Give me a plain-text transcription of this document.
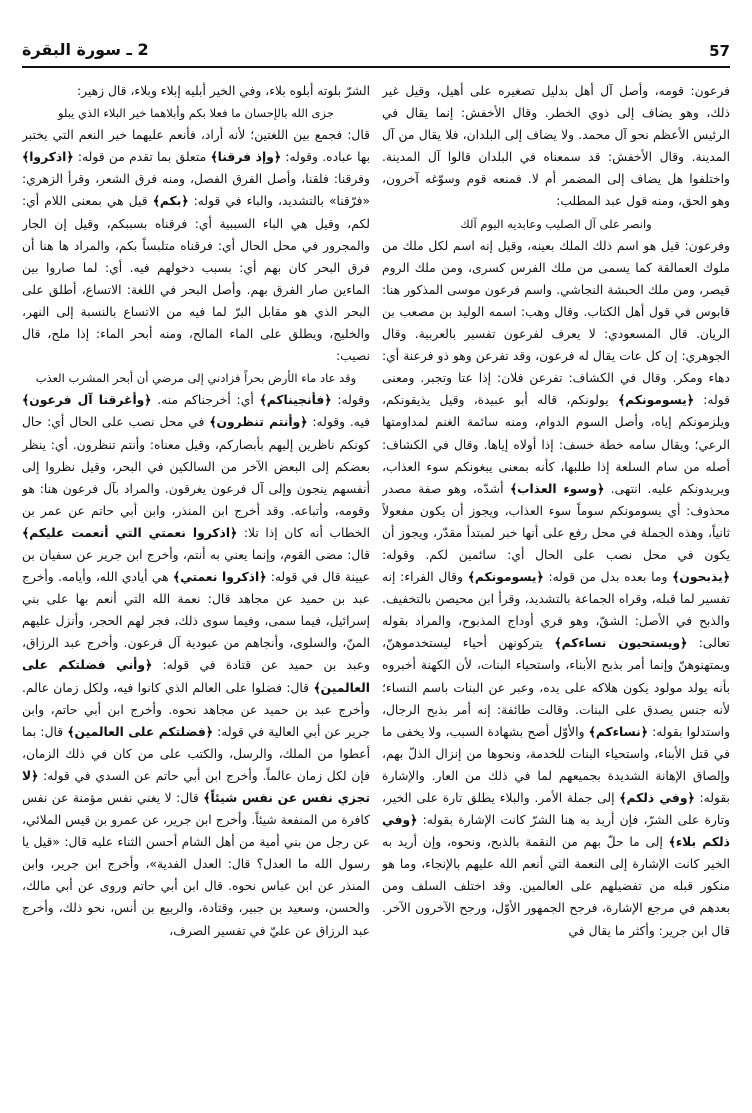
57
2 ـ سورة البقرة

فرعون: قومه، وأصل آل أهل بدليل تصغيره على أهيل، وقيل غير ذلك، وهو يضاف إلى ذوي الخطر. وقال الأخفش: إنما يقال في الرئيس الأعظم نحو آل محمد. ولا يضاف إلى البلدان، فلا يقال من آل المدينة. وقال الأخفش: قد سمعناه في البلدان قالوا آل المدينة. واختلفوا هل يضاف إلى المضمر أم لا. فمنعه قوم وسوّغه آخرون، وهو الحق، ومنه قول عبد المطلب:

وانصر على آل الصليب وعابديه اليوم آلك

وفرعون: قيل هو اسم ذلك الملك بعينه، وقيل إنه اسم لكل ملك من ملوك العمالقة كما يسمى من ملك الفرس كسرى، ومن ملك الروم قيصر، ومن ملك الحبشة النجاشي. واسم فرعون موسى المذكور هنا: قابوس في قول أهل الكتاب. وقال وهب: اسمه الوليد بن مصعب بن الريان. قال المسعودي: لا يعرف لفرعون تفسير بالعربية. وقال الجوهري: إن كل عات يقال له فرعون، وقد تفرعن وهو ذو فرعنة أي: دهاء ومكر. وقال في الكشاف: تفرعن فلان: إذا عتا وتجبر. ومعنى قوله: ﴿يسومونكم﴾ يولونكم، قاله أبو عبيدة، وقيل يذيقونكم، ويلزمونكم إياه، وأصل السوم الدوام، ومنه سائمة الغنم لمداومتها الرعي؛ ويقال سامه خطة خسف: إذا أولاه إياها. وقال في الكشاف: أصله من سام السلعة إذا طلبها، كأنه بمعنى يبغونكم سوء العذاب، ويريدونكم عليه. انتهى. ﴿وسوء العذاب﴾ أشدّه، وهو صفة مصدر محذوف: أي يسومونكم سوماً سوء العذاب، ويجوز أن يكون مفعولاً ثانياً، وهذه الجملة في محل رفع على أنها خبر لمبتدأ مقدّر، ويجوز أن يكون في محل نصب على الحال أي: سائمين لكم. وقوله: ﴿يذبحون﴾ وما بعده بدل من قوله: ﴿يسومونكم﴾ وقال الفراء: إنه تفسير لما قبله، وقراه الجماعة بالتشديد، وقرأ ابن محيصن بالتخفيف. والذبح في الأصل: الشقّ، وهو فري أوداج المذبوح، والمراد بقوله تعالى: ﴿ويستحيون نساءكم﴾ يتركونهن أحياء ليستخدموهنّ، ويمتهنوهنّ وإنما أمر بذبح الأبناء، واستحياء البنات، لأن الكهنة أخبروه بأنه يولد مولود يكون هلاكه على يده، وعبر عن البنات باسم النساء؛ لأنه جنس يصدق على البنات. وقالت طائفة: إنه أمر بذبح الرجال، واستدلوا بقوله: ﴿نساءكم﴾ والأوّل أصح بشهادة السبب، ولا يخفى ما في قتل الأبناء، واستحياء البنات للخدمة، ونحوها من إنزال الذلّ بهم، وإلصاق الإهانة الشديدة بجميعهم لما في ذلك من العار. والإشارة بقوله: ﴿وفي ذلكم﴾ إلى جملة الأمر. والبلاء يطلق تارة على الخير، وتارة على الشرّ، فإن أريد به هنا الشرّ كانت الإشارة بقوله: ﴿وفي ذلكم بلاء﴾ إلى ما حلّ بهم من النقمة بالذبح، ونحوه، وإن أريد به الخير كانت الإشارة إلى النعمة التي أنعم الله عليهم بالإنجاء، وما هو منكور قبله من تفضيلهم على العالمين. وقد اختلف السلف ومن بعدهم في مرجع الإشارة، فرجح الجمهور الأوّل، ورجح الآخرون الآخر. قال ابن جرير: وأكثر ما يقال في

الشرّ بلوته أبلوه بلاء، وفي الخير أبليه إبلاء وبلاء، قال زهير:

جزى الله بالإحسان ما فعلا بكم وأبلاهما خير البلاء الذي يبلو

قال: فجمع بين اللغتين؛ لأنه أراد، فأنعم عليهما خير النعم التي يختبر بها عباده. وقوله: ﴿وإذ فرقنا﴾ متعلق بما تقدم من قوله: ﴿اذكروا﴾ وفرقنا: فلقنا، وأصل الفرق الفصل، ومنه فرق الشعر، وقرأ الزهري: «فرّقنا» بالتشديد، والباء في قوله: ﴿بكم﴾ قيل هي بمعنى اللام أي: لكم، وقيل هي الباء السببية أي: فرقناه بسببكم، وقيل إن الجار والمجرور في محل الحال أي: فرقناه متلبساً بكم، والمراد ها هنا أن فرق البحر كان بهم أي: بسبب دخولهم فيه. أي: لما صاروا بين الماءين صار الفرق بهم. وأصل البحر في اللغة: الاتساع، أطلق على البحر الذي هو مقابل البرّ لما فيه من الاتساع بالنسبة إلى النهر، والخليج، ويطلق على الماء المالح، ومنه أبحر الماء: إذا ملح، قال نصيب:

وقد عاد ماء الأرض بحراً فزادني إلى مرضي أن أبحر المشرب العذب

وقوله: ﴿فأنجيناكم﴾ أي: أخرجناكم منه. ﴿وأغرقنا آل فرعون﴾ فيه. وقوله: ﴿وأنتم تنظرون﴾ في محل نصب على الحال أي: حال كونكم ناظرين إليهم بأبصاركم، وقيل معناه: وأنتم تنظرون. أي: ينظر بعضكم إلى البعض الآخر من السالكين في البحر، وقيل نظروا إلى أنفسهم ينجون وإلى آل فرعون يغرقون. والمراد بآل فرعون هنا: هو وقومه، وأتباعه. وقد أخرج ابن المنذر، وابن أبي حاتم عن عمر بن الخطاب أنه كان إذا تلا: ﴿اذكروا نعمتي التي أنعمت عليكم﴾ قال: مضى القوم، وإنما يعني به أنتم، وأخرج ابن جرير عن سفيان بن عيينة قال في قوله: ﴿اذكروا نعمتي﴾ هي أيادي الله، وأيامه. وأخرج عبد بن حميد عن مجاهد قال: نعمة الله التي أنعم بها على بني إسرائيل، فيما سمى، وفيما سوى ذلك، فجر لهم الحجر، وأنزل عليهم المنّ، والسلوى، وأنجاهم من عبودية آل فرعون. وأخرج عبد الرزاق، وعبد بن حميد عن قتادة في قوله: ﴿وأني فضلتكم على العالمين﴾ قال: فضلوا على العالم الذي كانوا فيه، ولكل زمان عالم. وأخرج عبد بن حميد عن مجاهد نحوه. وأخرج ابن أبي حاتم، وابن جرير عن أبي العالية في قوله: ﴿فضلتكم على العالمين﴾ قال: بما أعطوا من الملك، والرسل، والكتب على من كان في ذلك الزمان، فإن لكل زمان عالماً. وأخرج ابن أبي حاتم عن السدي في قوله: ﴿لا تجزي نفس عن نفس شيئاً﴾ قال: لا يغني نفس مؤمنة عن نفس كافرة من المنفعة شيئاً. وأخرج ابن جرير، عن عمرو بن قيس الملائي، عن رجل من بني أمية من أهل الشام أحسن الثناء عليه قال: «قيل يا رسول الله ما العدل؟ قال: العدل الفدية»، وأخرج ابن جرير، وابن المنذر عن ابن عباس نحوه. قال ابن أبي حاتم وروى عن أبي مالك، والحسن، وسعيد بن جبير، وقتادة، والربيع بن أنس، نحو ذلك، وأخرج عبد الرزاق عن عليّ في تفسير الصرف،
